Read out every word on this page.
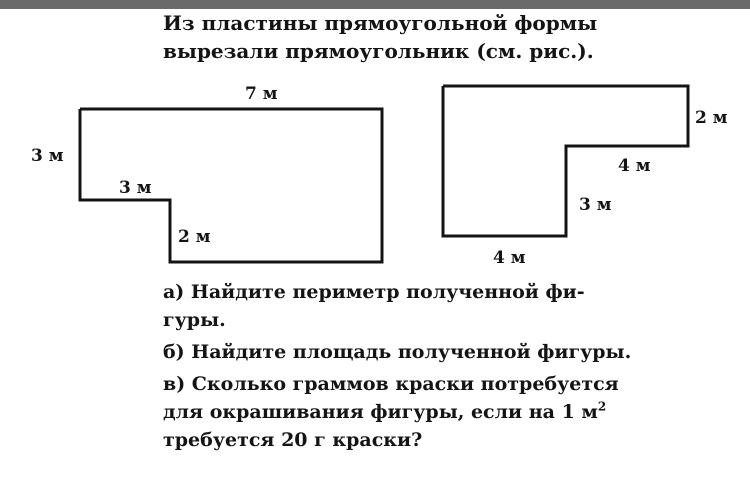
Из пластины прямоугольной формы
вырезали прямоугольник (см. рис.).
7 м
3 м
3 м
2 м
2 м
4 м
3 м
4 м
а) Найдите периметр полученной фи-
гуры.
б) Найдите площадь полученной фигуры.
в) Сколько граммов краски потребуется
для окрашивания фигуры, если на 1 $м^2$
требуется 20 г краски?
